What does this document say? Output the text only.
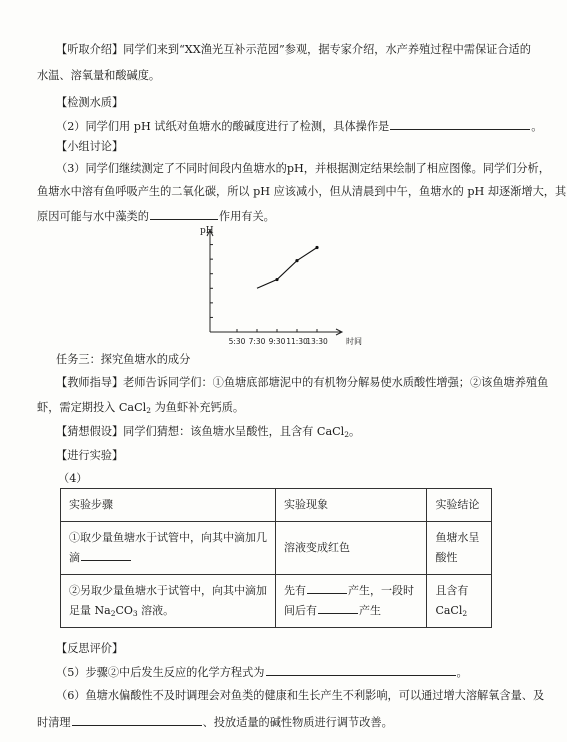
【听取介绍】同学们来到“XX渔光互补示范园”参观，据专家介绍，水产养殖过程中需保证合适的
水温、溶氧量和酸碱度。
【检测水质】
（2）同学们用 pH 试纸对鱼塘水的酸碱度进行了检测，具体操作是	。
【小组讨论】
（3）同学们继续测定了不同时间段内鱼塘水的pH，并根据测定结果绘制了相应图像。同学们分析，
鱼塘水中溶有鱼呼吸产生的二氧化碳，所以 pH 应该减小，但从清晨到中午，鱼塘水的 pH 却逐渐增大，其
原因可能与水中藻类的	作用有关。
pH
5:30 7:30 9:30 11:30
13:30 时间
任务三：探究鱼塘水的成分
【教师指导】老师告诉同学们：①鱼塘底部塘泥中的有机物分解易使水质酸性增强；②该鱼塘养殖鱼
虾，需定期投入 CaCl$_2$ 为鱼虾补充钙质。
【猜想假设】同学们猜想：该鱼塘水呈酸性，且含有 CaCl$_2$。
【进行实验】
（4）
实验步骤	实验现象	实验结论

①取少量鱼塘水于试管中，向其中滴加几
滴	溶液变成红色	鱼塘水呈
酸性

②另取少量鱼塘水于试管中，向其中滴加
足量 $Na_2CO_3$ 溶液。	先有 产生，一段时
间后有 产生	且含有
CaCl$_2$
【反思评价】
（5）步骤②中后发生反应的化学方程式为	。
（6）鱼塘水偏酸性不及时调理会对鱼类的健康和生长产生不利影响，可以通过增大溶解氧含量、及
时清理	、投放适量的碱性物质进行调节改善。
